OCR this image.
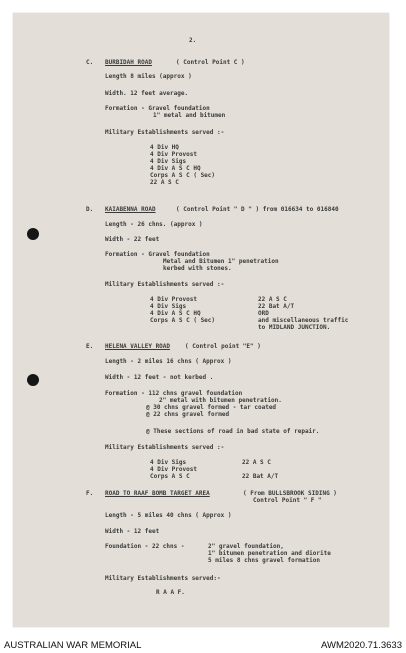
2.
C. BURBIDAH ROAD	( Control Point C )
Length 8 miles (approx )
Width. 12 feet average.
Formation - Gravel foundation
1" metal and bitumen
Military Establishments served :-
4 Div HQ
4 Div Provost
4 Div Sigs
4 Div A S C HQ
Corps A S C ( Sec)
22 A S C
D. KAIABENNA ROAD	( Control Point " D " ) from 016634 to 016840
Length - 26 chns. (approx )
Width - 22 feet
Formation - Gravel foundation
Metal and Bitumen 1" penetration
kerbed with stones.
Military Establishments served :-
4 Div Provost
4 Div Sigs
4 Div A S C HQ
Corps A S C ( Sec)
22 A S C
22 Bat A/T
ORD
and miscellaneous traffic
to MIDLAND JUNCTION.
E. HELENA VALLEY ROAD ( Control point "E" )
Length - 2 miles 16 chns ( Approx )
Width - 12 feet - not kerbed .
Formation - 112 chns gravel foundation
2" metal with bitumen penetration.
@ 30 chns gravel formed - tar coated
@ 22 chns gravel formed
@ These sections of road in bad state of repair.
Military Establishments served :-
4 Div Sigs
4 Div Provost
Corps A S C
22 A S C
22 Bat A/T
F. ROAD TO RAAF BOMB TARGET AREA	( From BULLSBROOK SIDING )
Control Point " F "
Length - 5 miles 40 chns ( Approx )
Width - 12 feet
Foundation - 22 chns -	2" gravel foundation,
1" bitumen penetration and diorite
5 miles 8 chns gravel formation
Military Establishments served:-
R A A F.
AUSTRALIAN WAR MEMORIAL	AWM2020.71.3633
